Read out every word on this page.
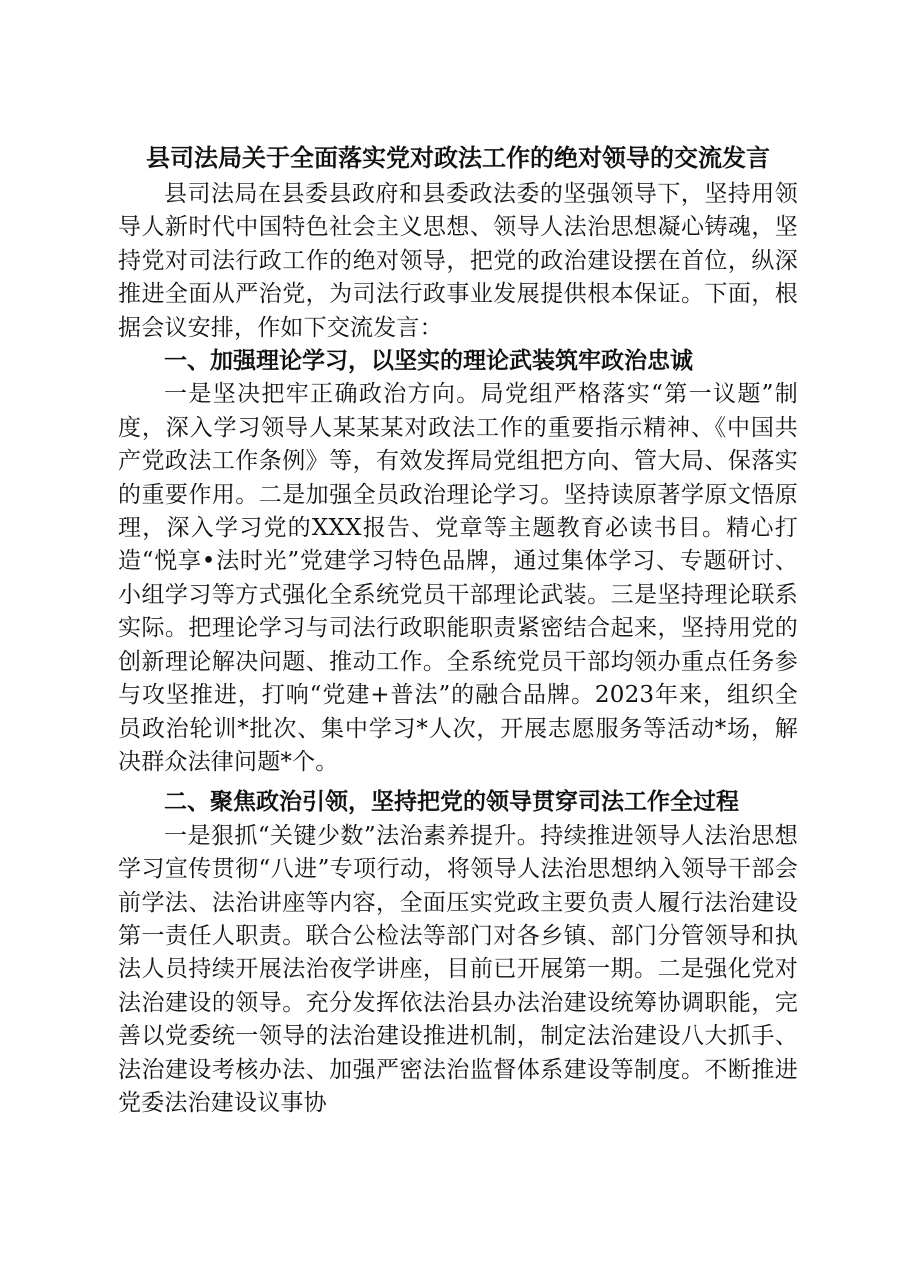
县司法局关于全面落实党对政法工作的绝对领导的交流发言

县司法局在县委县政府和县委政法委的坚强领导下，坚持用领导人新时代中国特色社会主义思想、领导人法治思想凝心铸魂，坚持党对司法行政工作的绝对领导，把党的政治建设摆在首位，纵深推进全面从严治党，为司法行政事业发展提供根本保证。下面，根据会议安排，作如下交流发言：

一、加强理论学习，以坚实的理论武装筑牢政治忠诚

一是坚决把牢正确政治方向。局党组严格落实“第一议题”制度，深入学习领导人某某某对政法工作的重要指示精神、《中国共产党政法工作条例》等，有效发挥局党组把方向、管大局、保落实的重要作用。二是加强全员政治理论学习。坚持读原著学原文悟原理，深入学习党的XXX报告、党章等主题教育必读书目。精心打造“悦享•法时光”党建学习特色品牌，通过集体学习、专题研讨、小组学习等方式强化全系统党员干部理论武装。三是坚持理论联系实际。把理论学习与司法行政职能职责紧密结合起来，坚持用党的创新理论解决问题、推动工作。全系统党员干部均领办重点任务参与攻坚推进，打响“党建+普法”的融合品牌。2023年来，组织全员政治轮训*批次、集中学习*人次，开展志愿服务等活动*场，解决群众法律问题*个。

二、聚焦政治引领，坚持把党的领导贯穿司法工作全过程

一是狠抓“关键少数”法治素养提升。持续推进领导人法治思想学习宣传贯彻“八进”专项行动，将领导人法治思想纳入领导干部会前学法、法治讲座等内容，全面压实党政主要负责人履行法治建设第一责任人职责。联合公检法等部门对各乡镇、部门分管领导和执法人员持续开展法治夜学讲座，目前已开展第一期。二是强化党对法治建设的领导。充分发挥依法治县办法治建设统筹协调职能，完善以党委统一领导的法治建设推进机制，制定法治建设八大抓手、法治建设考核办法、加强严密法治监督体系建设等制度。不断推进党委法治建设议事协
